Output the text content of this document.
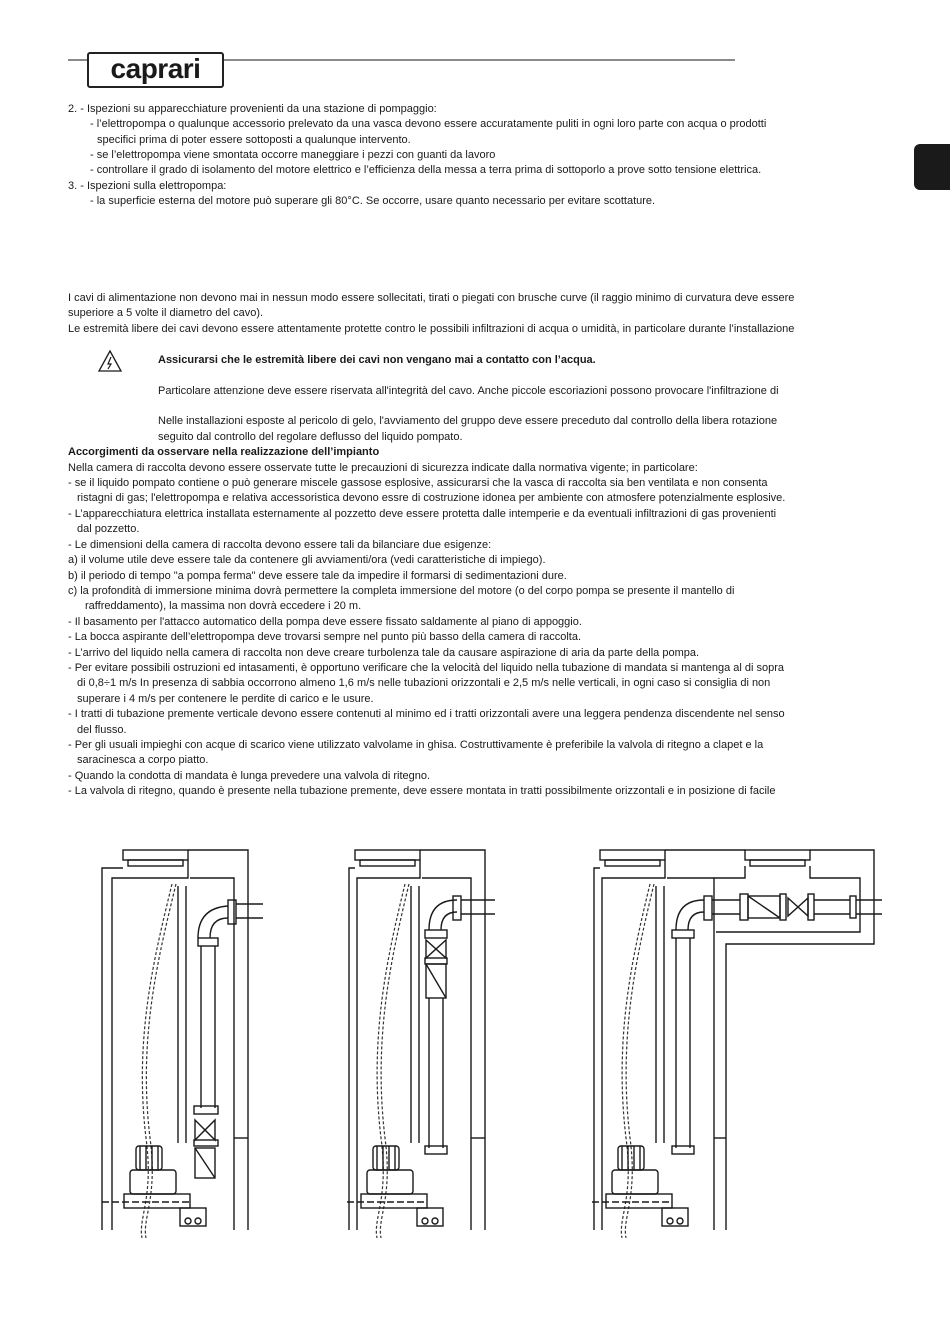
caprari
2. - Ispezioni su apparecchiature provenienti da una stazione di pompaggio:
- l’elettropompa o qualunque accessorio prelevato da una vasca devono essere accuratamente puliti in ogni loro parte con acqua o prodotti
specifici prima di poter essere sottoposti a qualunque intervento.
- se l’elettropompa viene smontata occorre maneggiare i pezzi con guanti da lavoro
- controllare il grado di isolamento del motore elettrico e l’efficienza della messa a terra prima di sottoporlo a prove sotto tensione elettrica.
3. - Ispezioni sulla elettropompa:
- la superficie esterna del motore può superare gli 80°C. Se occorre, usare quanto necessario per evitare scottature.
I cavi di alimentazione non devono mai in nessun modo essere sollecitati, tirati o piegati con brusche curve (il raggio minimo di curvatura deve essere
superiore a 5 volte il diametro del cavo).
Le estremità libere dei cavi devono essere attentamente protette contro le possibili infiltrazioni di acqua o umidità, in particolare durante l’installazione
Assicurarsi che le estremità libere dei cavi non vengano mai a contatto con l’acqua.
Particolare attenzione deve essere riservata all'integrità del cavo. Anche piccole escoriazioni possono provocare l'infiltrazione di
Nelle installazioni esposte al pericolo di gelo, l'avviamento del gruppo deve essere preceduto dal controllo della libera rotazione
seguito dal controllo del regolare deflusso del liquido pompato.
Accorgimenti da osservare nella realizzazione dell’impianto
Nella camera di raccolta devono essere osservate tutte le precauzioni di sicurezza indicate dalla normativa vigente; in particolare:
- se il liquido pompato contiene o può generare miscele gassose esplosive, assicurarsi che la vasca di raccolta sia ben ventilata e non consenta
ristagni di gas; l'elettropompa e relativa accessoristica devono essre di costruzione idonea per ambiente con atmosfere potenzialmente esplosive.
- L’apparecchiatura elettrica installata esternamente al pozzetto deve essere protetta dalle intemperie e da eventuali infiltrazioni di gas provenienti
dal pozzetto.
- Le dimensioni della camera di raccolta devono essere tali da bilanciare due esigenze:
a) il volume utile deve essere tale da contenere gli avviamenti/ora (vedi caratteristiche di impiego).
b) il periodo di tempo "a pompa ferma" deve essere tale da impedire il formarsi di sedimentazioni dure.
c) la profondità di immersione minima dovrà permettere la completa immersione del motore (o del corpo pompa se presente il mantello di
raffreddamento), la massima non dovrà eccedere i 20 m.
- Il basamento per l'attacco automatico della pompa deve essere fissato saldamente al piano di appoggio.
- La bocca aspirante dell’elettropompa deve trovarsi sempre nel punto più basso della camera di raccolta.
- L’arrivo del liquido nella camera di raccolta non deve creare turbolenza tale da causare aspirazione di aria da parte della pompa.
- Per evitare possibili ostruzioni ed intasamenti, è opportuno verificare che la velocità del liquido nella tubazione di mandata si mantenga al di sopra
di 0,8÷1 m/s In presenza di sabbia occorrono almeno 1,6 m/s nelle tubazioni orizzontali e 2,5 m/s nelle verticali, in ogni caso si consiglia di non
superare i 4 m/s per contenere le perdite di carico e le usure.
- I tratti di tubazione premente verticale devono essere contenuti al minimo ed i tratti orizzontali avere una leggera pendenza discendente nel senso
del flusso.
- Per gli usuali impieghi con acque di scarico viene utilizzato valvolame in ghisa. Costruttivamente è preferibile la valvola di ritegno a clapet e la
saracinesca a corpo piatto.
- Quando la condotta di mandata è lunga prevedere una valvola di ritegno.
- La valvola di ritegno, quando è presente nella tubazione premente, deve essere montata in tratti possibilmente orizzontali e in posizione di facile
